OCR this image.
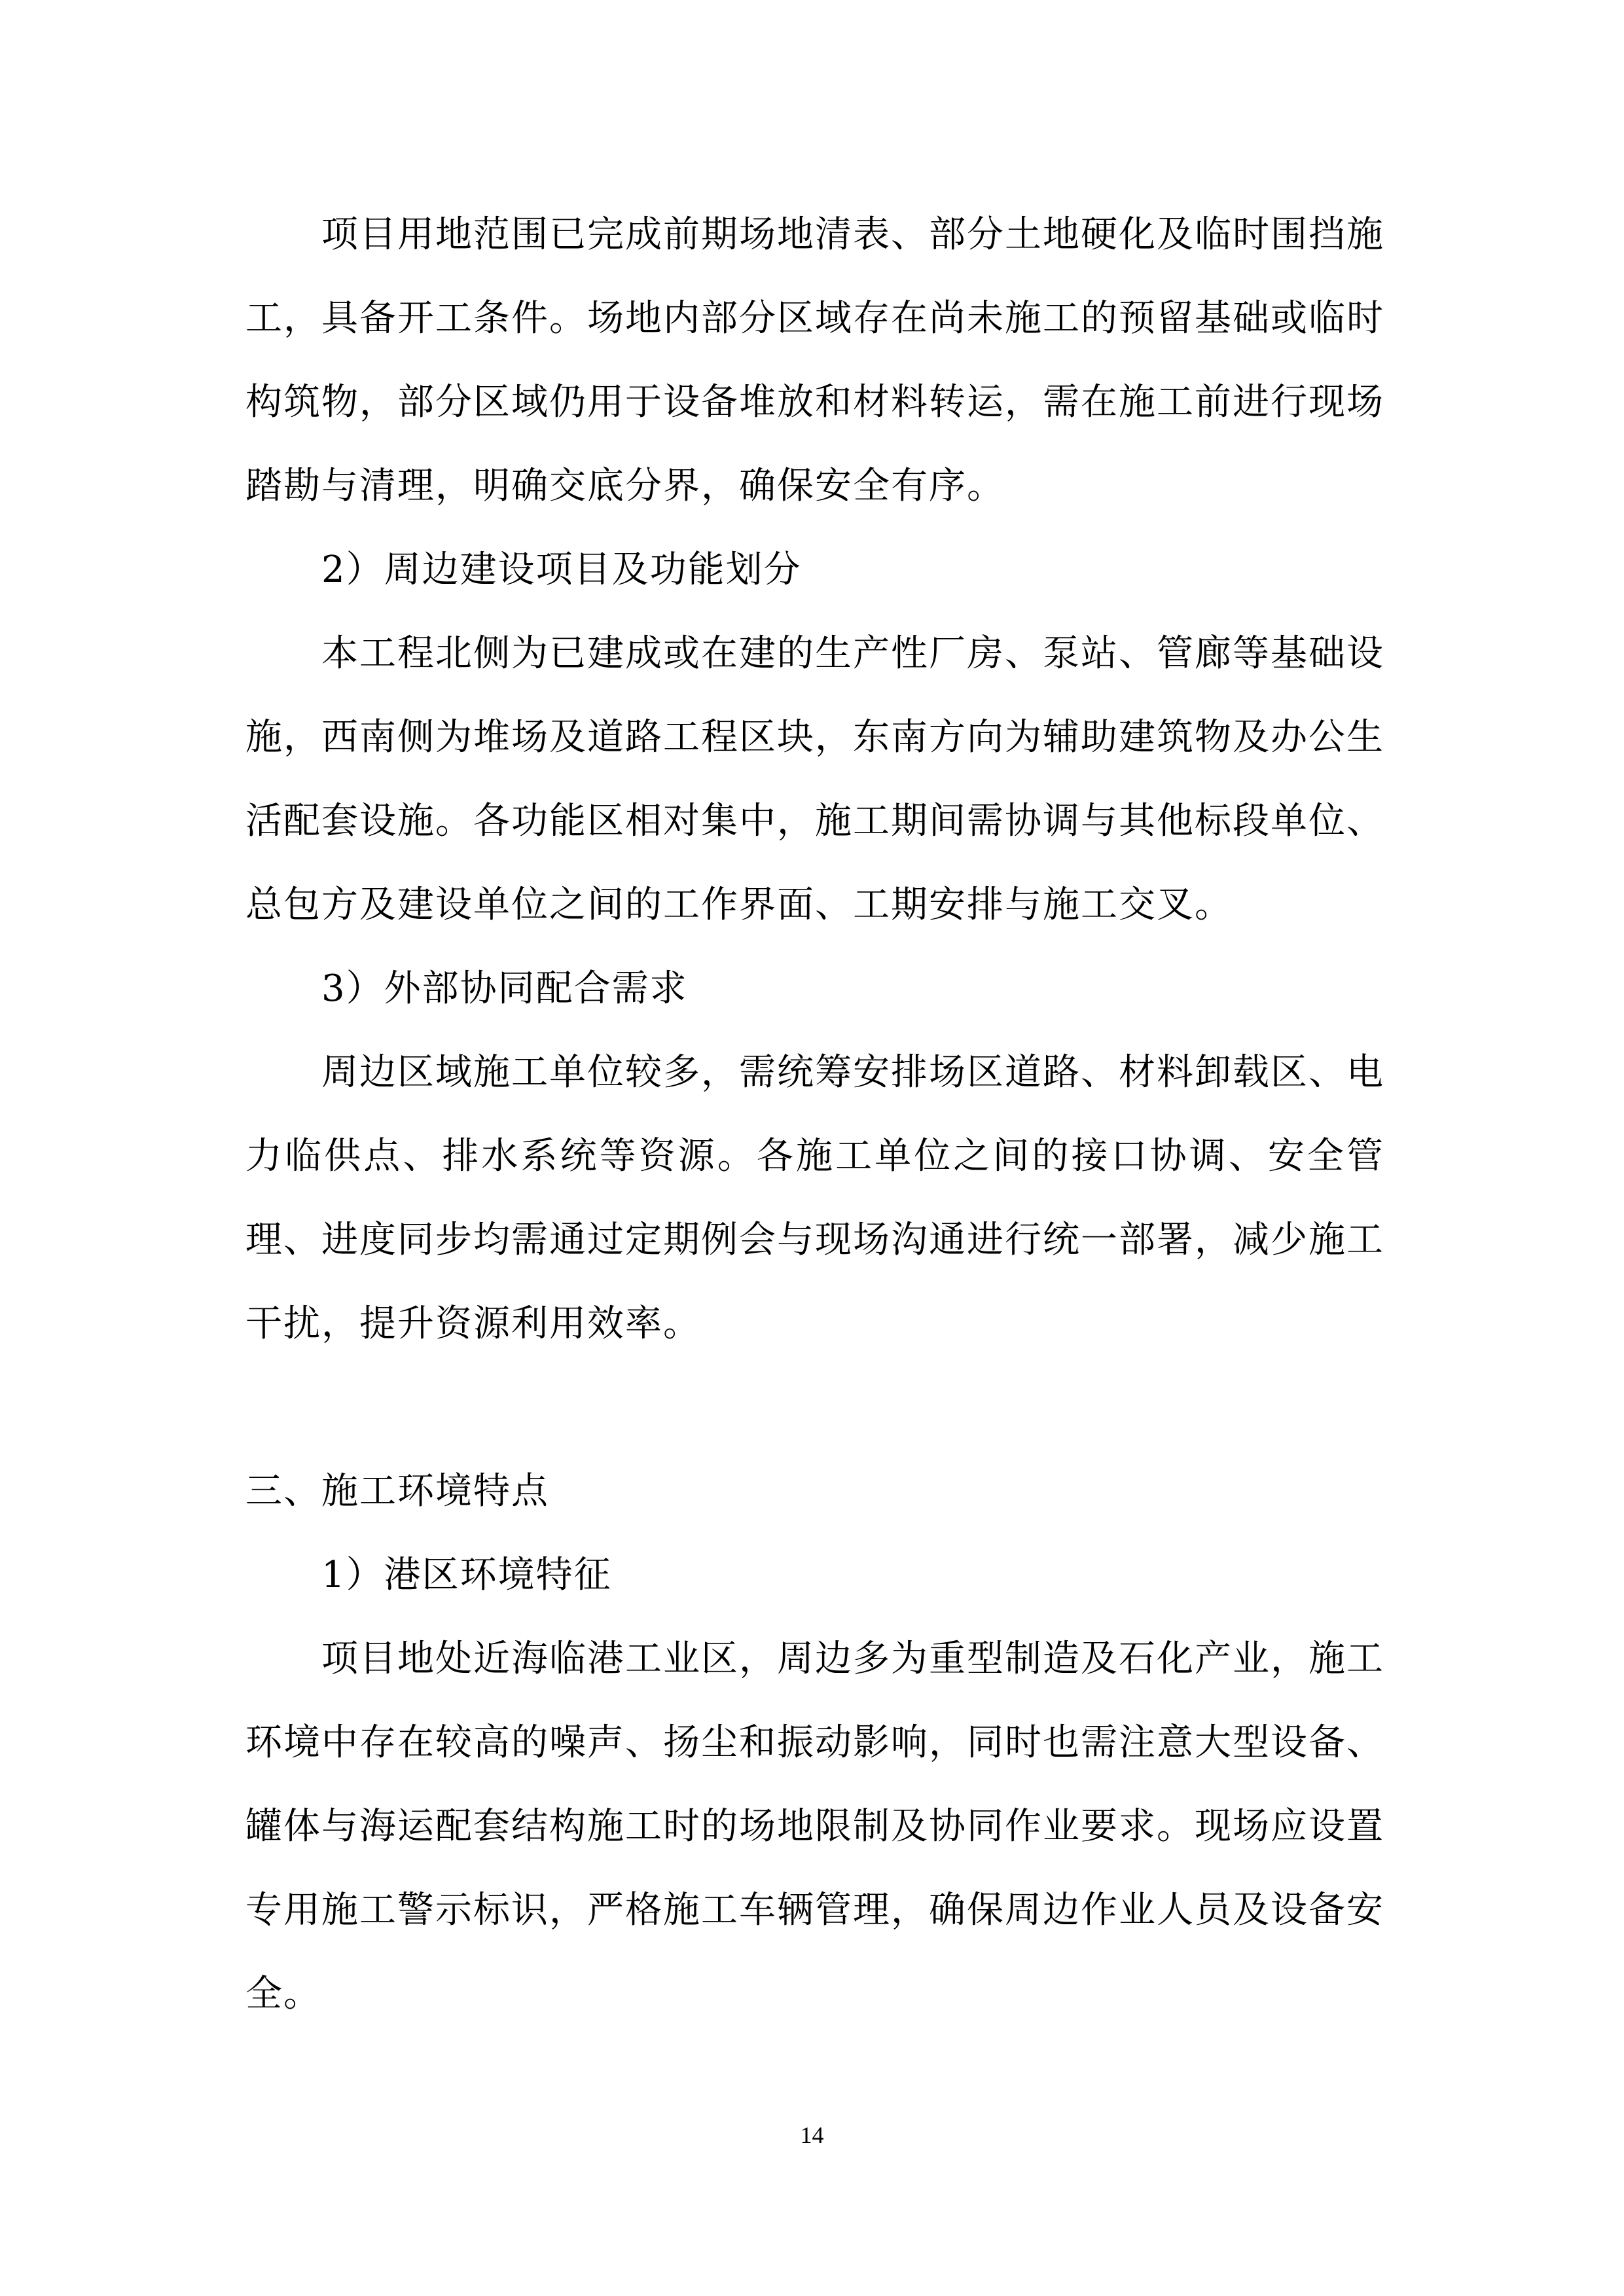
项目用地范围已完成前期场地清表、部分土地硬化及临时围挡施工，具备开工条件。场地内部分区域存在尚未施工的预留基础或临时构筑物，部分区域仍用于设备堆放和材料转运，需在施工前进行现场踏勘与清理，明确交底分界，确保安全有序。

2）周边建设项目及功能划分

本工程北侧为已建成或在建的生产性厂房、泵站、管廊等基础设施，西南侧为堆场及道路工程区块，东南方向为辅助建筑物及办公生活配套设施。各功能区相对集中，施工期间需协调与其他标段单位、总包方及建设单位之间的工作界面、工期安排与施工交叉。

3）外部协同配合需求

周边区域施工单位较多，需统筹安排场区道路、材料卸载区、电力临供点、排水系统等资源。各施工单位之间的接口协调、安全管理、进度同步均需通过定期例会与现场沟通进行统一部署，减少施工干扰，提升资源利用效率。

三、施工环境特点

1）港区环境特征

项目地处近海临港工业区，周边多为重型制造及石化产业，施工环境中存在较高的噪声、扬尘和振动影响，同时也需注意大型设备、罐体与海运配套结构施工时的场地限制及协同作业要求。现场应设置专用施工警示标识，严格施工车辆管理，确保周边作业人员及设备安全。

14
